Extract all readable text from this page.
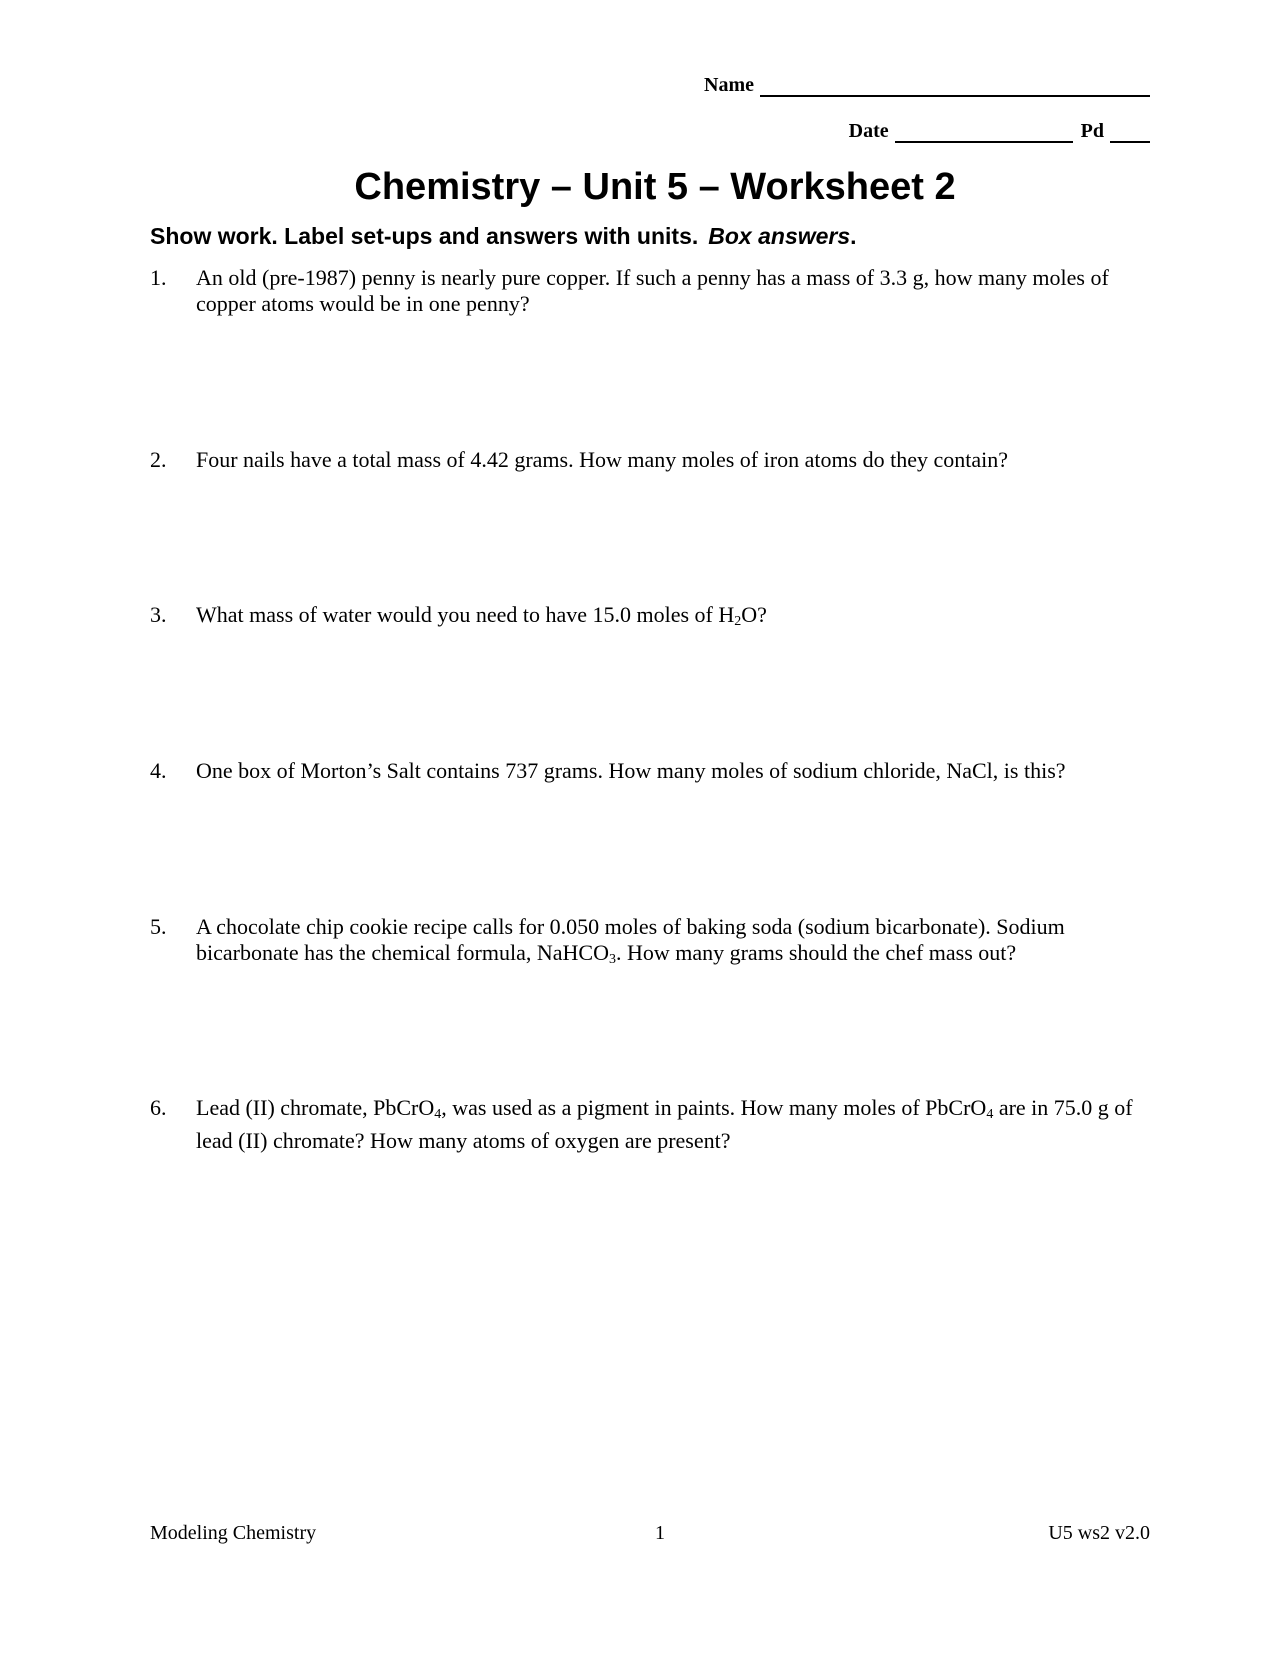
Name
Date	Pd
Chemistry – Unit 5 – Worksheet 2

Show work. Label set-ups and answers with units. Box answers.

1.	An old (pre-1987) penny is nearly pure copper. If such a penny has a mass of 3.3 g, how many moles of copper atoms would be in one penny?
2.	Four nails have a total mass of 4.42 grams. How many moles of iron atoms do they contain?
3.	What mass of water would you need to have 15.0 moles of $H_2O$?
4.	One box of Morton’s Salt contains 737 grams. How many moles of sodium chloride, NaCl, is this?
5.	A chocolate chip cookie recipe calls for 0.050 moles of baking soda (sodium bicarbonate). Sodium bicarbonate has the chemical formula, NaHCO$_3$. How many grams should the chef mass out?
6.	Lead (II) chromate, PbCrO$_4$, was used as a pigment in paints. How many moles of PbCrO$_4$ are in 75.0 g of lead (II) chromate? How many atoms of oxygen are present?
Modeling Chemistry	1	U5 ws2 v2.0
